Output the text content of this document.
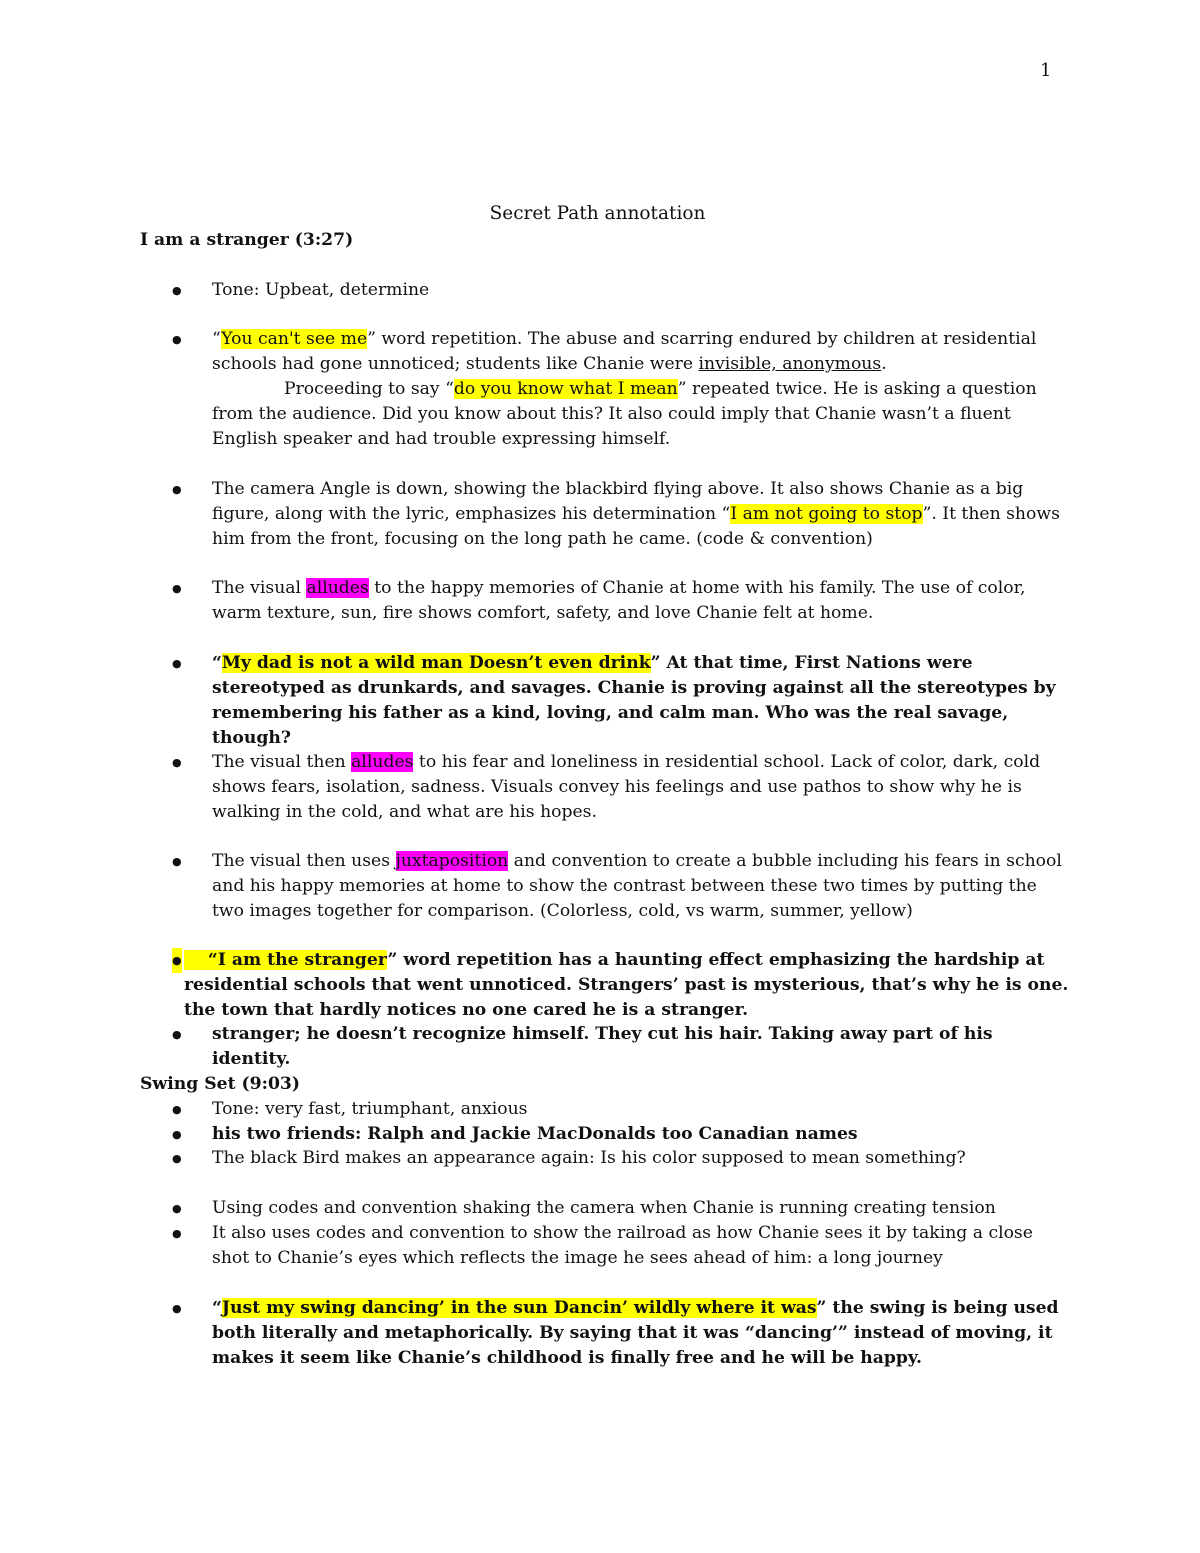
1
Secret Path annotation
I am a stranger (3:27)
● Tone: Upbeat, determine

● “You can't see me” word repetition. The abuse and scarring endured by children at residential schools had gone unnoticed; students like Chanie were invisible, anonymous.
Proceeding to say “do you know what I mean” repeated twice. He is asking a question from the audience. Did you know about this? It also could imply that Chanie wasn’t a fluent English speaker and had trouble expressing himself.

● The camera Angle is down, showing the blackbird flying above. It also shows Chanie as a big figure, along with the lyric, emphasizes his determination “I am not going to stop”. It then shows him from the front, focusing on the long path he came. (code & convention)

● The visual alludes to the happy memories of Chanie at home with his family. The use of color, warm texture, sun, fire shows comfort, safety, and love Chanie felt at home.

● “My dad is not a wild man Doesn’t even drink” At that time, First Nations were stereotyped as drunkards, and savages. Chanie is proving against all the stereotypes by remembering his father as a kind, loving, and calm man. Who was the real savage, though?

● The visual then alludes to his fear and loneliness in residential school. Lack of color, dark, cold shows fears, isolation, sadness. Visuals convey his feelings and use pathos to show why he is walking in the cold, and what are his hopes.

● The visual then uses juxtaposition and convention to create a bubble including his fears in school and his happy memories at home to show the contrast between these two times by putting the two images together for comparison. (Colorless, cold, vs warm, summer, yellow)

● “I am the stranger” word repetition has a haunting effect emphasizing the hardship at residential schools that went unnoticed. Strangers’ past is mysterious, that’s why he is one. the town that hardly notices no one cared he is a stranger.

● stranger; he doesn’t recognize himself. They cut his hair. Taking away part of his identity.

Swing Set (9:03)
● Tone: very fast, triumphant, anxious

● his two friends: Ralph and Jackie MacDonalds too Canadian names

● The black Bird makes an appearance again: Is his color supposed to mean something?

● Using codes and convention shaking the camera when Chanie is running creating tension

● It also uses codes and convention to show the railroad as how Chanie sees it by taking a close shot to Chanie’s eyes which reflects the image he sees ahead of him: a long journey

● “Just my swing dancing’ in the sun Dancin’ wildly where it was” the swing is being used both literally and metaphorically. By saying that it was “dancing’” instead of moving, it makes it seem like Chanie’s childhood is finally free and he will be happy.
